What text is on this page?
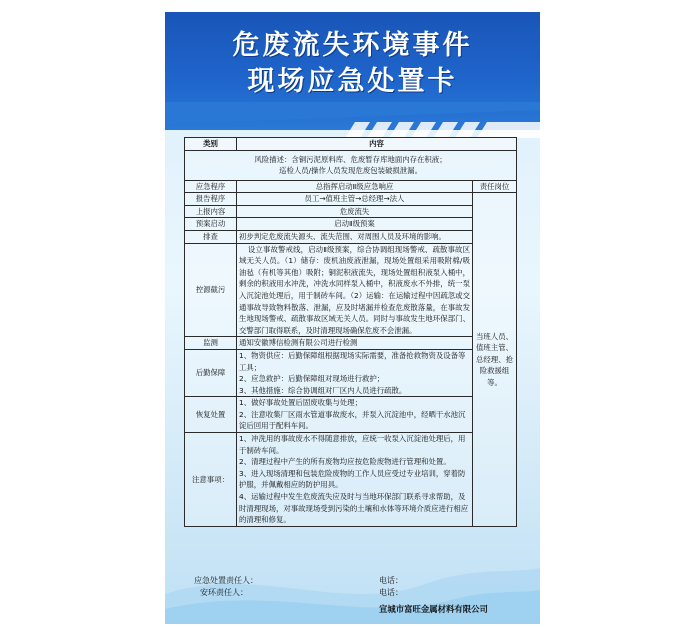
危废流失环境事件
现场应急处置卡
类别	内容	
风险描述：含铜污泥原料库、危废暂存库地面内存在积液；
巡检人员/操作人员发现危废包装破损泄漏。		
应急程序	总指挥启动Ⅱ级应急响应	责任岗位
报告程序	员工→值班主管→总经理→法人	当班人员、值班主管、总经理、抢险救援组等。
上报内容	危废流失	
预案启动	启动Ⅱ级预案	
排查	初步判定危废流失源头、流失范围、对周围人员及环境的影响。	
控源截污	设立事故警戒线，启动Ⅱ级预案，综合协调组现场警戒、疏散事故区域无关人员。（1）储存：废机油废液泄漏，现场处置组采用吸附棉/吸油毡（有机等其他）吸附；铜泥积液流失，现场处置组积液泵入桶中，剩余的积液用水冲洗，冲洗水同样泵入桶中，积液废水不外排，统一泵入沉淀池处理后，用于制砖车间。（2）运输：在运输过程中因疏忽或交通事故导致物料散落、泄漏，应及时堵漏并检查危废散落量，在事故发生地现场警戒、疏散事故区域无关人员。同时与事故发生地环保部门、交警部门取得联系，及时清理现场确保危废不会泄漏。	
监测	通知安徽博信检测有限公司进行检测	
后勤保障	1、物资供应：后勤保障组根据现场实际需要，准备抢救物资及设备等工具；
2、应急救护：后勤保障组对现场进行救护；
3、其他措施：综合协调组对厂区内人员进行疏散。	

恢复处置	1、做好事故处置后固废收集与处理；
2、注意收集厂区雨水管道事故废水，并泵入沉淀池中，经晒干水池沉淀后回用于配料车间。	

注意事项：	1、冲洗用的事故废水不得随意排放，应统一收泵入沉淀池处理后，用于制砖车间。
2、清理过程中产生的所有废物均应按危险废物进行管理和处置。
3、进入现场清理和包装危险废物的工作人员应受过专业培训，穿着防护服，并佩戴相应的防护用具。
4、运输过程中发生危废流失应及时与当地环保部门联系寻求帮助，及时清理现场，对事故现场受到污染的土壤和水体等环境介质应进行相应的清理和修复。	
应急处置责任人：	电话：
安环责任人：	电话：
宣城市富旺金属材料有限公司
